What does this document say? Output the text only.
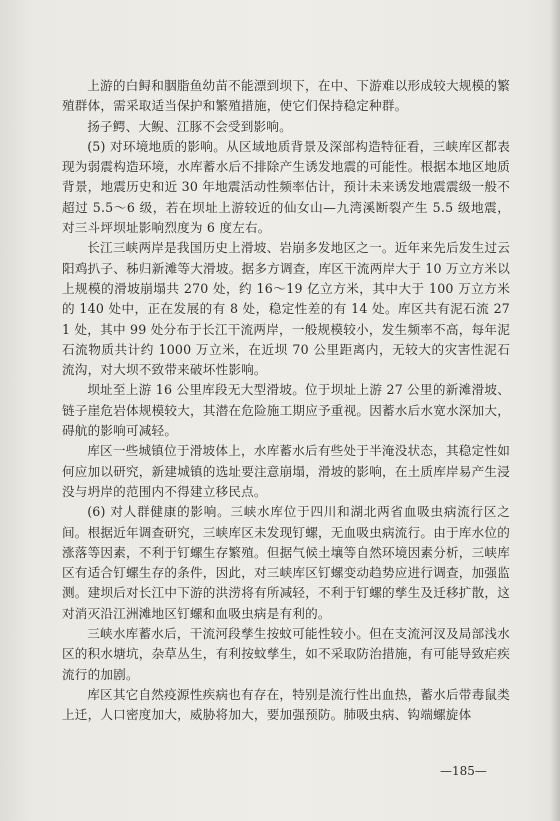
上游的白鲟和胭脂鱼幼苗不能漂到坝下，在中、下游难以形成较大规模的繁殖群体，需采取适当保护和繁殖措施，使它们保持稳定种群。

扬子鳄、大鲵、江豚不会受到影响。

(5) 对环境地质的影响。从区域地质背景及深部构造特征看，三峡库区都表现为弱震构造环境，水库蓄水后不排除产生诱发地震的可能性。根据本地区地质背景，地震历史和近 30 年地震活动性频率估计，预计未来诱发地震震级一般不超过 5.5～6 级，若在坝址上游较近的仙女山—九湾溪断裂产生 5.5 级地震，对三斗坪坝址影响烈度为 6 度左右。

长江三峡两岸是我国历史上滑坡、岩崩多发地区之一。近年来先后发生过云阳鸡扒子、秭归新滩等大滑坡。据多方调查，库区干流两岸大于 10 万立方米以上规模的滑坡崩塌共 270 处，约 16～19 亿立方米，其中大于 100 万立方米的 140 处中，正在发展的有 8 处，稳定性差的有 14 处。库区共有泥石流 271 处，其中 99 处分布于长江干流两岸，一般规模较小，发生频率不高，每年泥石流物质共计约 1000 万立米，在近坝 70 公里距离内，无较大的灾害性泥石流沟，对大坝不致带来破坏性影响。

坝址至上游 16 公里库段无大型滑坡。位于坝址上游 27 公里的新滩滑坡、链子崖危岩体规模较大，其潜在危险施工期应予重视。因蓄水后水宽水深加大，碍航的影响可减轻。

库区一些城镇位于滑坡体上，水库蓄水后有些处于半淹没状态，其稳定性如何应加以研究，新建城镇的选址要注意崩塌，滑坡的影响，在土质库岸易产生浸没与坍岸的范围内不得建立移民点。

(6) 对人群健康的影响。三峡水库位于四川和湖北两省血吸虫病流行区之间。根据近年调查研究，三峡库区未发现钉螺，无血吸虫病流行。由于库水位的涨落等因素，不利于钉螺生存繁殖。但据气候土壤等自然环境因素分析，三峡库区有适合钉螺生存的条件，因此，对三峡库区钉螺变动趋势应进行调查，加强监测。建坝后对长江中下游的洪涝将有所减轻，不利于钉螺的孳生及迁移扩散，这对消灭沿江洲滩地区钉螺和血吸虫病是有利的。

三峡水库蓄水后，干流河段孳生按蚊可能性较小。但在支流河汊及局部浅水区的积水塘坑，杂草丛生，有利按蚊孳生，如不采取防治措施，有可能导致疟疾流行的加剧。

库区其它自然疫源性疾病也有存在，特别是流行性出血热，蓄水后带毒鼠类上迁，人口密度加大，威胁将加大，要加强预防。肺吸虫病、钩端螺旋体

—185—
